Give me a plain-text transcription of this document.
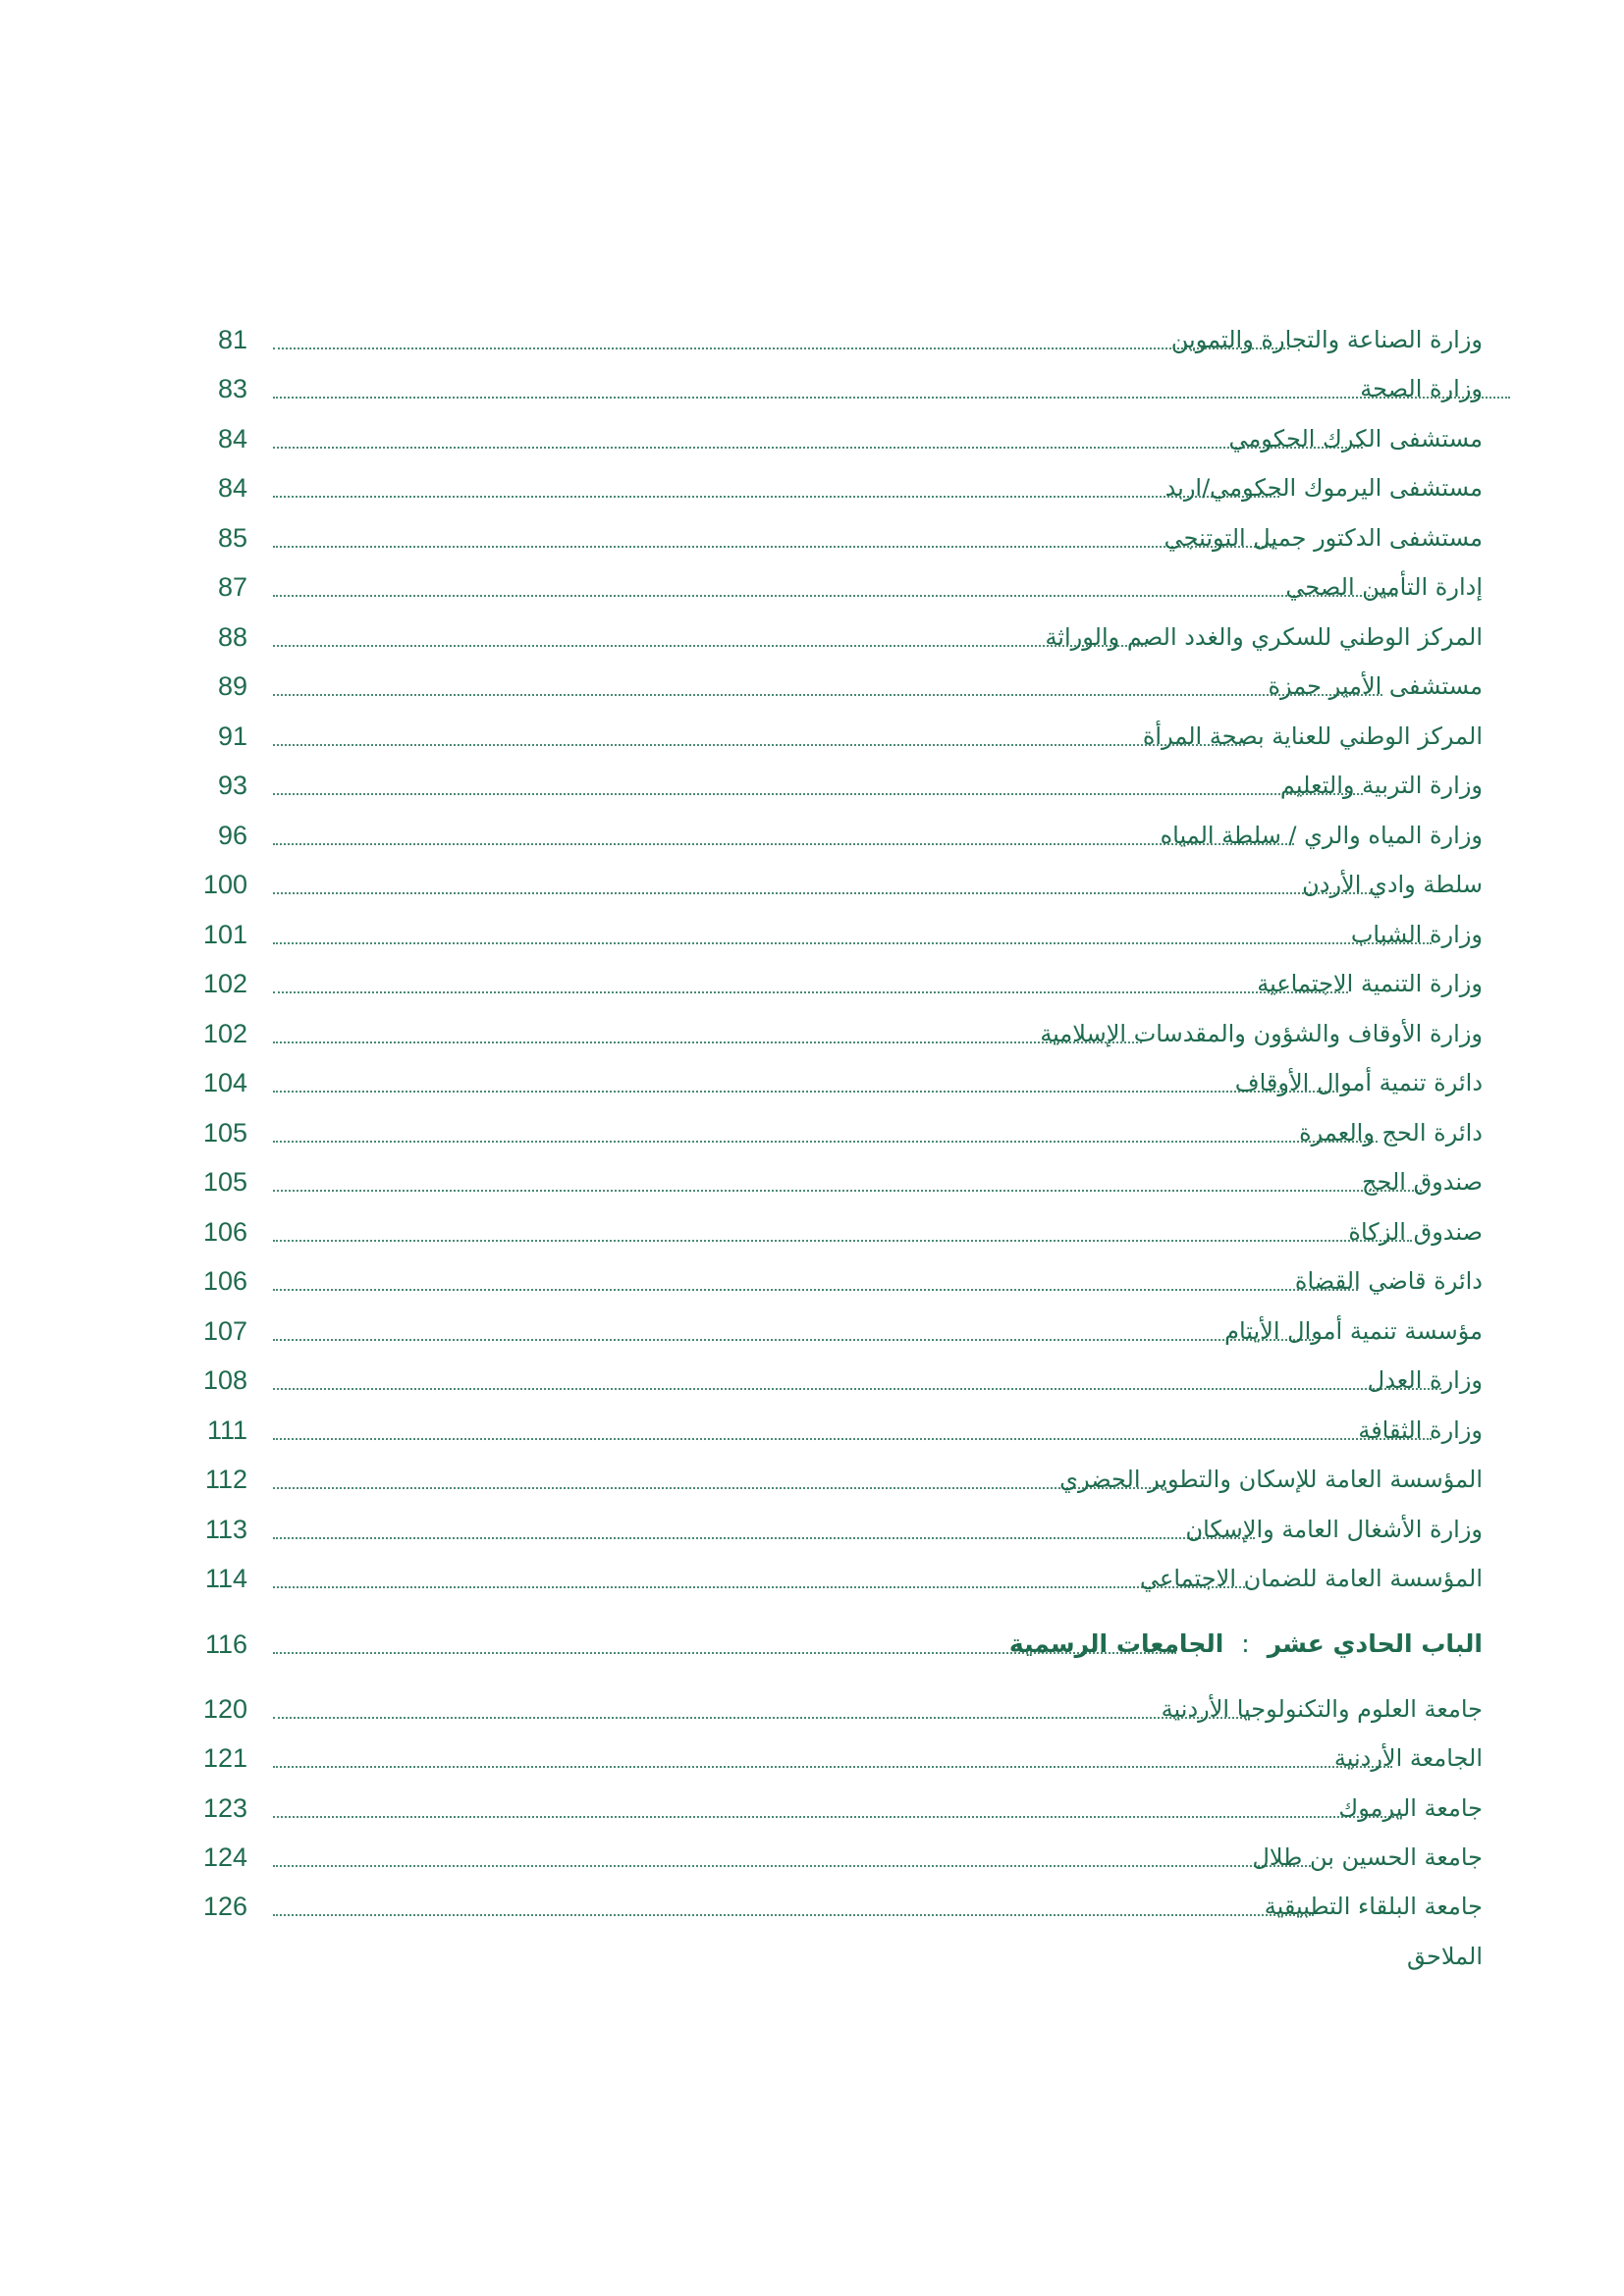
81	وزارة الصناعة والتجارة والتموين
83	وزارة الصحة
84	مستشفى الكرك الحكومي
84	مستشفى اليرموك الحكومي/اربد
85	مستشفى الدكتور جميل التوتنجي
87	إدارة التأمين الصحي
88	المركز الوطني للسكري والغدد الصم والوراثة
89	مستشفى الأمير حمزة
91	المركز الوطني للعناية بصحة المرأة
93	وزارة التربية والتعليم
96	وزارة المياه والري / سلطة المياه
100	سلطة وادي الأردن
101	وزارة الشباب
102	وزارة التنمية الاجتماعية
102	وزارة الأوقاف والشؤون والمقدسات الإسلامية
104	دائرة تنمية أموال الأوقاف
105	دائرة الحج والعمرة
105	صندوق الحج
106	صندوق الزكاة
106	دائرة قاضي القضاة
107	مؤسسة تنمية أموال الأيتام
108	وزارة العدل
111	وزارة الثقافة
112	المؤسسة العامة للإسكان والتطوير الحضري
113	وزارة الأشغال العامة والإسكان
114	المؤسسة العامة للضمان الاجتماعي
116	الباب الحادي عشر:الجامعات الرسمية
120	جامعة العلوم والتكنولوجيا الأردنية
121	الجامعة الأردنية
123	جامعة اليرموك
124	جامعة الحسين بن طلال
126	جامعة البلقاء التطبيقية
الملاحق
